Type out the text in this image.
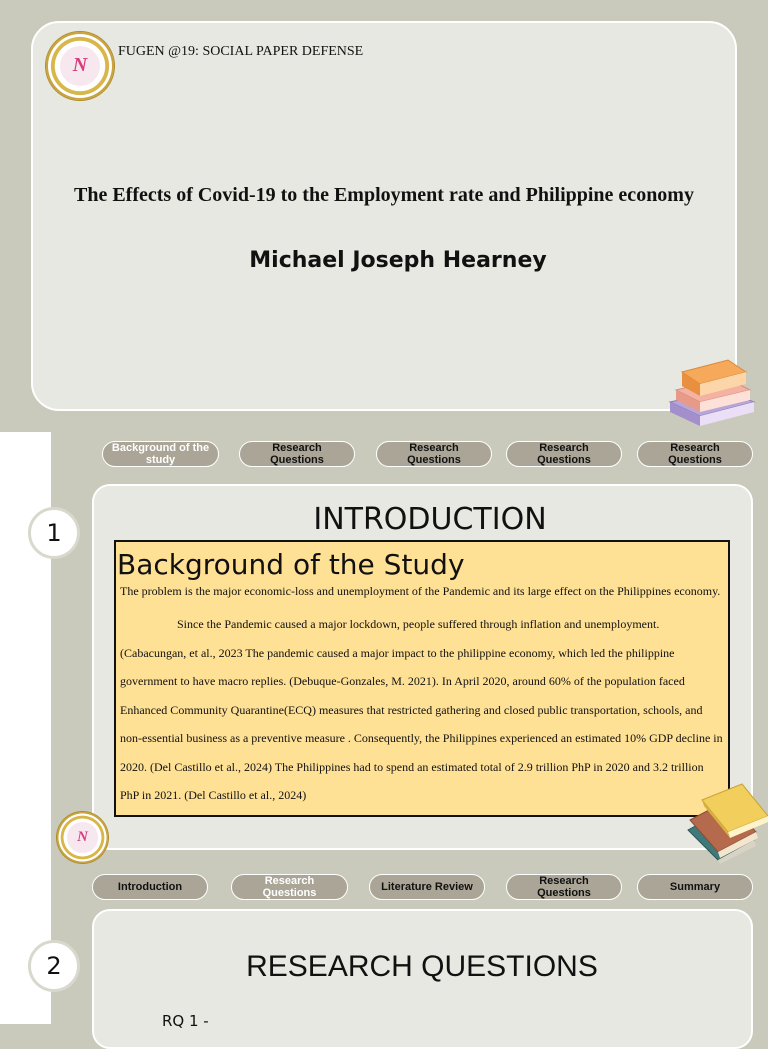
N
FUGEN @19: SOCIAL PAPER DEFENSE
The Effects of Covid-19 to the Employment rate and Philippine economy
Michael Joseph Hearney
Background of the study
Research Questions
Research Questions
Research Questions
Research Questions
1	INTRODUCTION
Background of the Study
The problem is the major economic-loss and unemployment of the Pandemic and its large effect on the Philippines economy.
Since the Pandemic caused a major lockdown, people suffered through inflation and unemployment. (Cabacungan, et al., 2023 The pandemic caused a major impact to the philippine economy, which led the philippine government to have macro replies. (Debuque-Gonzales, M. 2021). In April 2020, around 60% of the population faced Enhanced Community Quarantine(ECQ) measures that restricted gathering and closed public transportation, schools, and non-essential business as a preventive measure . Consequently, the Philippines experienced an estimated 10% GDP decline in 2020. (Del Castillo et al., 2024) The Philippines had to spend an estimated total of 2.9 trillion PhP in 2020 and 3.2 trillion PhP in 2021. (Del Castillo et al., 2024)
N
Introduction	Research Questions	Literature Review	Research Questions	Summary
2	RESEARCH QUESTIONS
RQ 1 -
